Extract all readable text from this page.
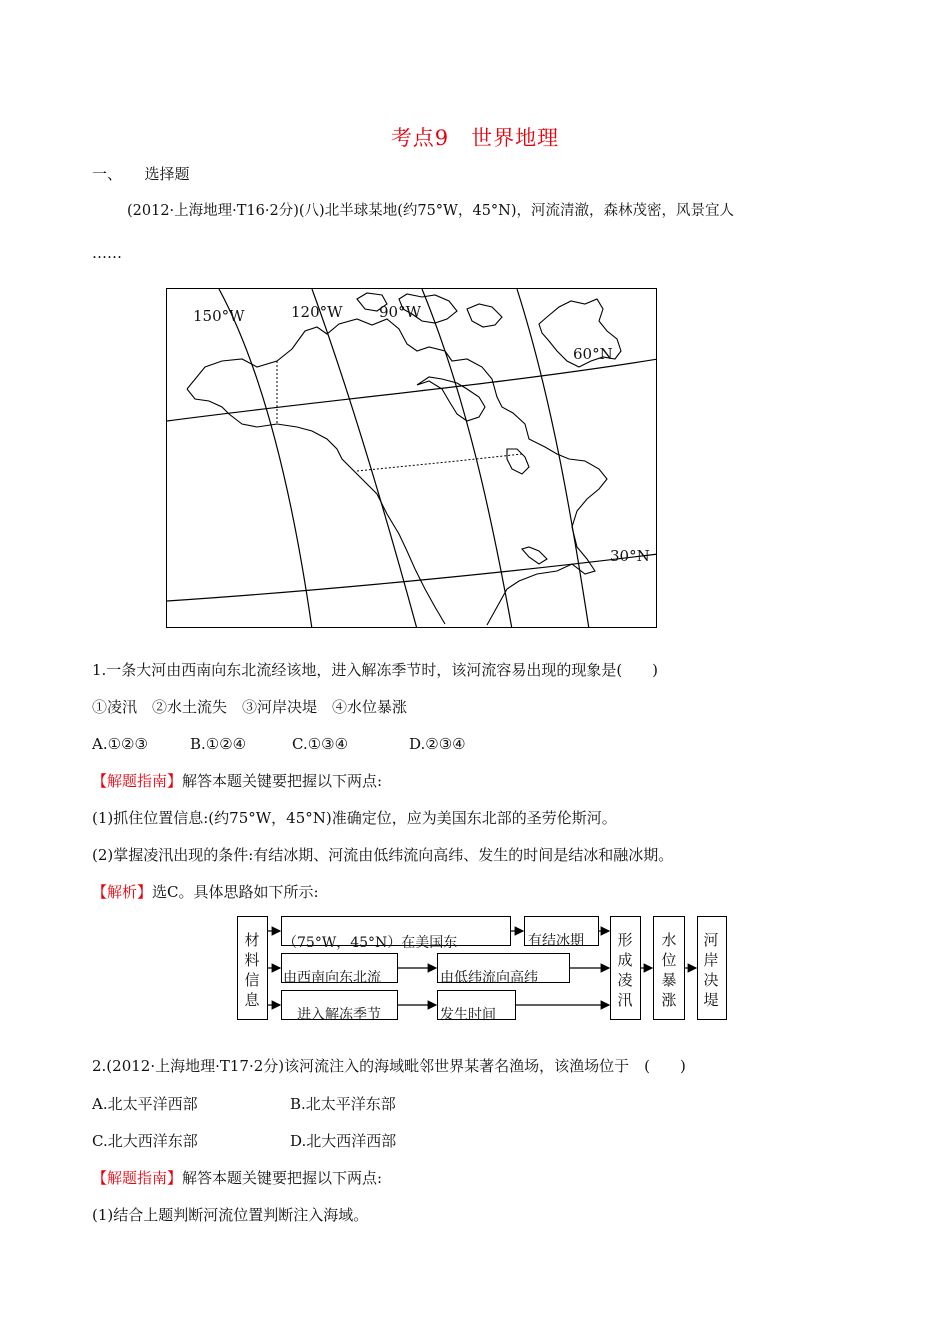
考点9　世界地理
一、　　选择题
(2012·上海地理·T16·2分)(八)北半球某地(约75°W，45°N)，河流清澈，森林茂密，风景宜人
……
150°W	120°W 90°W
60°N
30°N
1.一条大河由西南向东北流经该地，进入解冻季节时，该河流容易出现的现象是(　　)
①凌汛　②水土流失　③河岸决堤　④水位暴涨
A.①②③	B.①②④	C.①③④	D.②③④
【解题指南】解答本题关键要把握以下两点:
(1)抓住位置信息:(约75°W，45°N)准确定位，应为美国东北部的圣劳伦斯河。
(2)掌握凌汛出现的条件:有结冰期、河流由低纬流向高纬、发生的时间是结冰和融冰期。
【解析】选C。具体思路如下所示:
材料信息
（75°W，45°N）在美国东
由西南向东北流
进入解冻季节
有结冰期
由低纬流向高纬
发生时间
形成凌汛
水位暴涨
河岸决堤
2.(2012·上海地理·T17·2分)该河流注入的海域毗邻世界某著名渔场，该渔场位于　(　　)
A.北太平洋西部	B.北太平洋东部
C.北大西洋东部	D.北大西洋西部
【解题指南】解答本题关键要把握以下两点:
(1)结合上题判断河流位置判断注入海域。
